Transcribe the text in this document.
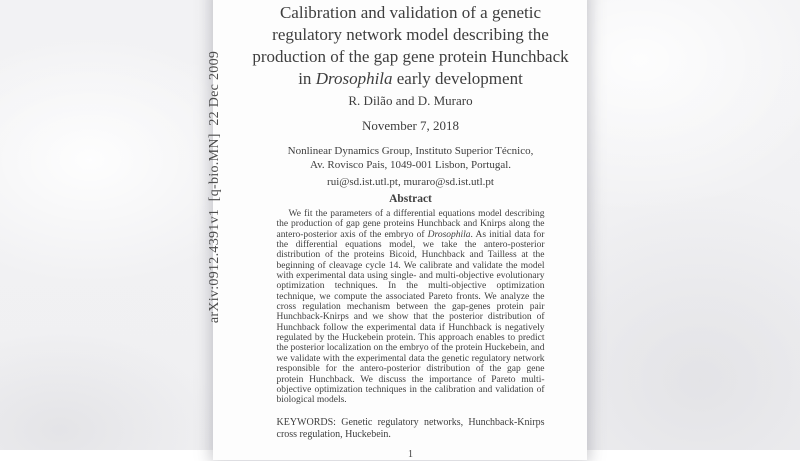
arXiv:0912.4391v1  [q-bio.MN]  22 Dec 2009
Calibration and validation of a genetic
regulatory network model describing the
production of the gap gene protein Hunchback
in Drosophila early development
R. Dilão and D. Muraro
November 7, 2018
Nonlinear Dynamics Group, Instituto Superior Técnico,
Av. Rovisco Pais, 1049-001 Lisbon, Portugal.
rui@sd.ist.utl.pt, muraro@sd.ist.utl.pt
Abstract
We fit the parameters of a differential equations model describing the production of gap gene proteins Hunchback and Knirps along the antero-posterior axis of the embryo of Drosophila. As initial data for the differential equations model, we take the antero-posterior distribution of the proteins Bicoid, Hunchback and Tailless at the beginning of cleavage cycle 14. We calibrate and validate the model with experimental data using single- and multi-objective evolutionary optimization techniques. In the multi-objective optimization technique, we compute the associated Pareto fronts. We analyze the cross regulation mechanism between the gap-genes protein pair Hunchback-Knirps and we show that the posterior distribution of Hunchback follow the experimental data if Hunchback is negatively regulated by the Huckebein protein. This approach enables to predict the posterior localization on the embryo of the protein Huckebein, and we validate with the experimental data the genetic regulatory network responsible for the antero-posterior distribution of the gap gene protein Hunchback. We discuss the importance of Pareto multi-objective optimization techniques in the calibration and validation of biological models.
KEYWORDS: Genetic regulatory networks, Hunchback-Knirps cross regulation, Huckebein.
1
